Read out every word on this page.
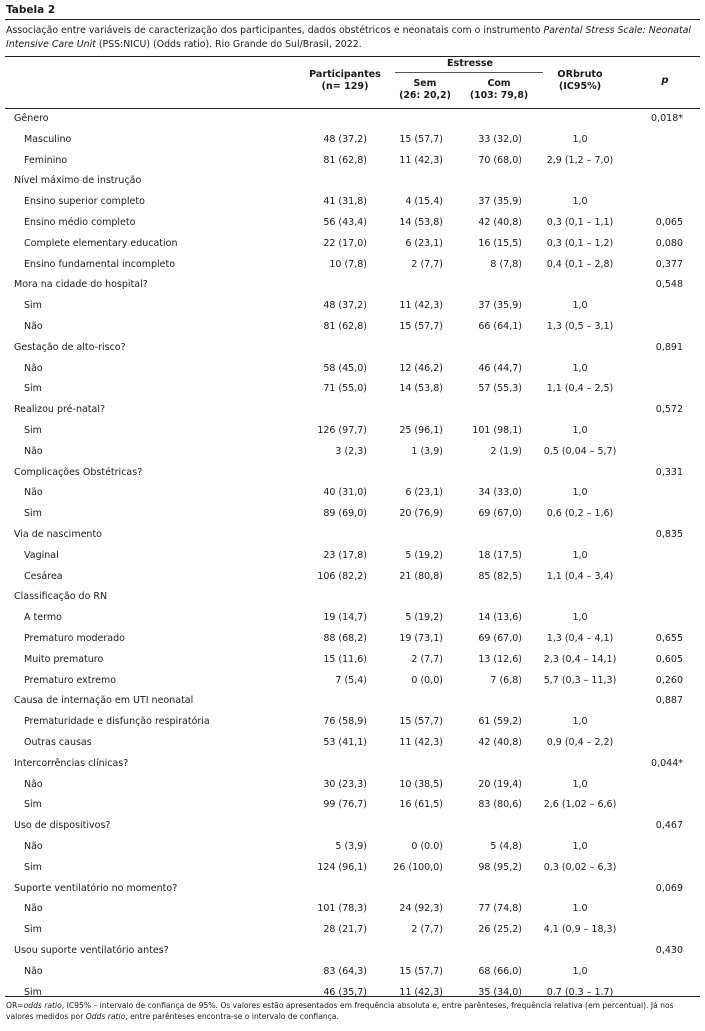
Tabela 2
Associação entre variáveis de caracterização dos participantes, dados obstétricos e neonatais com o instrumento Parental Stress Scale: Neonatal Intensive Care Unit (PSS:NICU) (Odds ratio). Rio Grande do Sul/Brasil, 2022.
Participantes
(n= 129)
Estresse
Sem
(26: 20,2)
Com
(103: 79,8)
ORbruto
(IC95%)
p
Gênero	0,018*
Masculino	48 (37,2)	15 (57,7)	33 (32,0)	1,0
Feminino	81 (62,8)	11 (42,3)	70 (68,0)	2,9 (1,2 – 7,0)
Nível máximo de instrução
Ensino superior completo	41 (31,8)	4 (15,4)	37 (35,9)	1,0
Ensino médio completo	56 (43,4)	14 (53,8)	42 (40,8)	0,3 (0,1 – 1,1)	0,065
Complete elementary education	22 (17,0)	6 (23,1)	16 (15,5)	0,3 (0,1 – 1,2)	0,080
Ensino fundamental incompleto	10 (7,8)	2 (7,7)	8 (7,8)	0,4 (0,1 – 2,8)	0,377
Mora na cidade do hospital?	0,548
Sim	48 (37,2)	11 (42,3)	37 (35,9)	1,0
Não	81 (62,8)	15 (57,7)	66 (64,1)	1,3 (0,5 – 3,1)
Gestação de alto-risco?	0,891
Não	58 (45,0)	12 (46,2)	46 (44,7)	1,0
Sim	71 (55,0)	14 (53,8)	57 (55,3)	1,1 (0,4 – 2,5)
Realizou pré-natal?	0,572
Sim	126 (97,7)	25 (96,1)	101 (98,1)	1,0
Não	3 (2,3)	1 (3,9)	2 (1,9)	0,5 (0,04 – 5,7)
Complicações Obstétricas?	0,331
Não	40 (31,0)	6 (23,1)	34 (33,0)	1,0
Sim	89 (69,0)	20 (76,9)	69 (67,0)	0,6 (0,2 – 1,6)
Via de nascimento	0,835
Vaginal	23 (17,8)	5 (19,2)	18 (17,5)	1,0
Cesárea	106 (82,2)	21 (80,8)	85 (82,5)	1,1 (0,4 – 3,4)
Classificação do RN
A termo	19 (14,7)	5 (19,2)	14 (13,6)	1,0
Prematuro moderado	88 (68,2)	19 (73,1)	69 (67,0)	1,3 (0,4 – 4,1)	0,655
Muito prematuro	15 (11,6)	2 (7,7)	13 (12,6)	2,3 (0,4 – 14,1)	0,605
Prematuro extremo	7 (5,4)	0 (0,0)	7 (6,8)	5,7 (0,3 – 11,3)	0,260
Causa de internação em UTI neonatal	0,887
Prematuridade e disfunção respiratória	76 (58,9)	15 (57,7)	61 (59,2)	1,0
Outras causas	53 (41,1)	11 (42,3)	42 (40,8)	0,9 (0,4 – 2,2)
Intercorrências clínicas?	0,044*
Não	30 (23,3)	10 (38,5)	20 (19,4)	1,0
Sim	99 (76,7)	16 (61,5)	83 (80,6)	2,6 (1,02 – 6,6)
Uso de dispositivos?	0,467
Não	5 (3,9)	0 (0.0)	5 (4,8)	1,0
Sim	124 (96,1)	26 (100,0)	98 (95,2)	0,3 (0,02 – 6,3)
Suporte ventilatório no momento?	0,069
Não	101 (78,3)	24 (92,3)	77 (74,8)	1.0
Sim	28 (21,7)	2 (7,7)	26 (25,2)	4,1 (0,9 – 18,3)
Usou suporte ventilatório antes?	0,430
Não	83 (64,3)	15 (57,7)	68 (66,0)	1,0
Sim	46 (35,7)	11 (42,3)	35 (34,0)	0.7 (0.3 – 1.7)
OR=odds ratio, IC95% – intervalo de confiança de 95%. Os valores estão apresentados em frequência absoluta e, entre parênteses, frequência relativa (em percentual). Já nos valores medidos por Odds ratio, entre parênteses encontra-se o intervalo de confiança.
